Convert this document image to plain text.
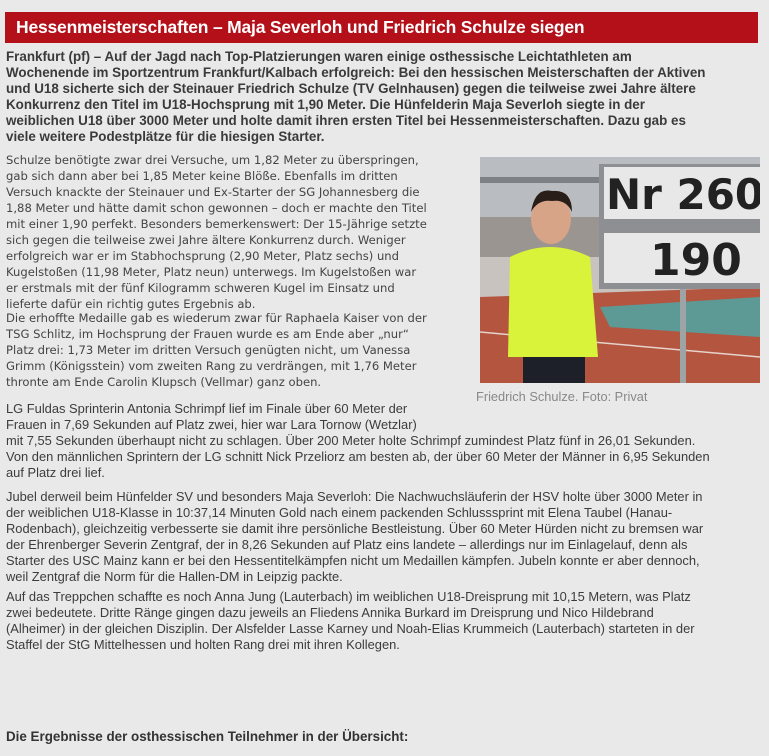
Hessenmeisterschaften – Maja Severloh und Friedrich Schulze siegen
Frankfurt (pf) – Auf der Jagd nach Top-Platzierungen waren einige osthessische Leichtathleten am
Wochenende im Sportzentrum Frankfurt/Kalbach erfolgreich: Bei den hessischen Meisterschaften der Aktiven
und U18 sicherte sich der Steinauer Friedrich Schulze (TV Gelnhausen) gegen die teilweise zwei Jahre ältere
Konkurrenz den Titel im U18-Hochsprung mit 1,90 Meter. Die Hünfelderin Maja Severloh siegte in der
weiblichen U18 über 3000 Meter und holte damit ihren ersten Titel bei Hessenmeisterschaften. Dazu gab es
viele weitere Podestplätze für die hiesigen Starter.
Schulze benötigte zwar drei Versuche, um 1,82 Meter zu überspringen,
gab sich dann aber bei 1,85 Meter keine Blöße. Ebenfalls im dritten
Versuch knackte der Steinauer und Ex-Starter der SG Johannesberg die
1,88 Meter und hätte damit schon gewonnen – doch er machte den Titel
mit einer 1,90 perfekt. Besonders bemerkenswert: Der 15-Jährige setzte
sich gegen die teilweise zwei Jahre ältere Konkurrenz durch. Weniger
erfolgreich war er im Stabhochsprung (2,90 Meter, Platz sechs) und
Kugelstoßen (11,98 Meter, Platz neun) unterwegs. Im Kugelstoßen war
er erstmals mit der fünf Kilogramm schweren Kugel im Einsatz und
lieferte dafür ein richtig gutes Ergebnis ab.
Die erhoffte Medaille gab es wiederum zwar für Raphaela Kaiser von der
TSG Schlitz, im Hochsprung der Frauen wurde es am Ende aber „nur“
Platz drei: 1,73 Meter im dritten Versuch genügten nicht, um Vanessa
Grimm (Königsstein) vom zweiten Rang zu verdrängen, mit 1,76 Meter
thronte am Ende Carolin Klupsch (Vellmar) ganz oben.
LG Fuldas Sprinterin Antonia Schrimpf lief im Finale über 60 Meter der
Frauen in 7,69 Sekunden auf Platz zwei, hier war Lara Tornow (Wetzlar)
mit 7,55 Sekunden überhaupt nicht zu schlagen. Über 200 Meter holte Schrimpf zumindest Platz fünf in 26,01 Sekunden.
Von den männlichen Sprintern der LG schnitt Nick Przeliorz am besten ab, der über 60 Meter der Männer in 6,95 Sekunden
auf Platz drei lief.
Jubel derweil beim Hünfelder SV und besonders Maja Severloh: Die Nachwuchsläuferin der HSV holte über 3000 Meter in
der weiblichen U18-Klasse in 10:37,14 Minuten Gold nach einem packenden Schlusssprint mit Elena Taubel (Hanau-
Rodenbach), gleichzeitig verbesserte sie damit ihre persönliche Bestleistung. Über 60 Meter Hürden nicht zu bremsen war
der Ehrenberger Severin Zentgraf, der in 8,26 Sekunden auf Platz eins landete – allerdings nur im Einlagelauf, denn als
Starter des USC Mainz kann er bei den Hessentitelkämpfen nicht um Medaillen kämpfen. Jubeln konnte er aber dennoch,
weil Zentgraf die Norm für die Hallen-DM in Leipzig packte.
Auf das Treppchen schaffte es noch Anna Jung (Lauterbach) im weiblichen U18-Dreisprung mit 10,15 Metern, was Platz
zwei bedeutete. Dritte Ränge gingen dazu jeweils an Fliedens Annika Burkard im Dreisprung und Nico Hildebrand
(Alheimer) in der gleichen Disziplin. Der Alsfelder Lasse Karney und Noah-Elias Krummeich (Lauterbach) starteten in der
Staffel der StG Mittelhessen und holten Rang drei mit ihren Kollegen.
Die Ergebnisse der osthessischen Teilnehmer in der Übersicht:
Nr 260
190
Friedrich Schulze. Foto: Privat
